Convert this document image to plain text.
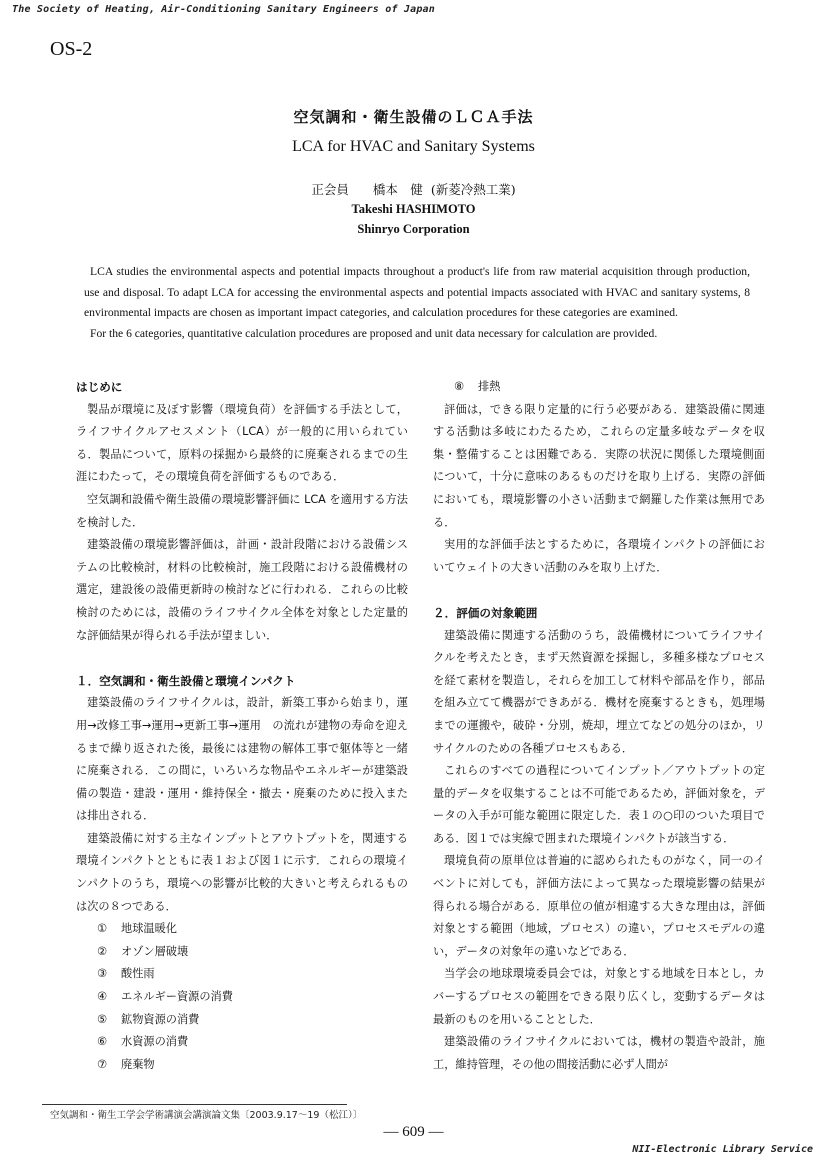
The Society of Heating, Air-Conditioning Sanitary Engineers of Japan
OS-2
空気調和・衛生設備のＬＣＡ手法
LCA for HVAC and Sanitary Systems
正会員 橋本　健 (新菱冷熱工業)
Takeshi HASHIMOTO
Shinryo Corporation

LCA studies the environmental aspects and potential impacts throughout a product's life from raw material acquisition through production, use and disposal. To adapt LCA for accessing the environmental aspects and potential impacts associated with HVAC and sanitary systems, 8 environmental impacts are chosen as important impact categories, and calculation procedures for these categories are examined.

For the 6 categories, quantitative calculation procedures are proposed and unit data necessary for calculation are provided.

はじめに

製品が環境に及ぼす影響（環境負荷）を評価する手法として，ライフサイクルアセスメント（LCA）が一般的に用いられている．製品について，原料の採掘から最終的に廃棄されるまでの生涯にわたって，その環境負荷を評価するものである．

空気調和設備や衛生設備の環境影響評価に LCA を適用する方法を検討した．

建築設備の環境影響評価は，計画・設計段階における設備システムの比較検討，材料の比較検討，施工段階における設備機材の選定，建設後の設備更新時の検討などに行われる．これらの比較検討のためには，設備のライフサイクル全体を対象とした定量的な評価結果が得られる手法が望ましい．

１．空気調和・衛生設備と環境インパクト

建築設備のライフサイクルは，設計，新築工事から始まり，運用→改修工事→運用→更新工事→運用　の流れが建物の寿命を迎えるまで繰り返された後，最後には建物の解体工事で躯体等と一緒に廃棄される．この間に，いろいろな物品やエネルギーが建築設備の製造・建設・運用・維持保全・撤去・廃棄のために投入または排出される．

建築設備に対する主なインプットとアウトプットを，関連する環境インパクトとともに表１および図１に示す．これらの環境インパクトのうち，環境への影響が比較的大きいと考えられるものは次の８つである．

① 地球温暖化
② オゾン層破壊
③ 酸性雨
④ エネルギー資源の消費
⑤ 鉱物資源の消費
⑥ 水資源の消費
⑦ 廃棄物
⑧ 排熱

評価は，できる限り定量的に行う必要がある．建築設備に関連する活動は多岐にわたるため，これらの定量多岐なデータを収集・整備することは困難である．実際の状況に関係した環境側面について，十分に意味のあるものだけを取り上げる．実際の評価においても，環境影響の小さい活動まで網羅した作業は無用である．

実用的な評価手法とするために，各環境インパクトの評価においてウェイトの大きい活動のみを取り上げた．

２．評価の対象範囲

建築設備に関連する活動のうち，設備機材についてライフサイクルを考えたとき，まず天然資源を採掘し，多種多様なプロセスを経て素材を製造し，それらを加工して材料や部品を作り，部品を組み立てて機器ができあがる．機材を廃棄するときも，処理場までの運搬や，破砕・分別，焼却，埋立てなどの処分のほか，リサイクルのための各種プロセスもある．

これらのすべての過程についてインプット／アウトプットの定量的データを収集することは不可能であるため，評価対象を，データの入手が可能な範囲に限定した．表１の○印のついた項目である．図１では実線で囲まれた環境インパクトが該当する．

環境負荷の原単位は普遍的に認められたものがなく，同一のイベントに対しても，評価方法によって異なった環境影響の結果が得られる場合がある．原単位の値が相違する大きな理由は，評価対象とする範囲（地域，プロセス）の違い，プロセスモデルの違い，データの対象年の違いなどである．

当学会の地球環境委員会では，対象とする地域を日本とし，カバーするプロセスの範囲をできる限り広くし，変動するデータは最新のものを用いることとした．

建築設備のライフサイクルにおいては，機材の製造や設計，施工，維持管理，その他の間接活動に必ず人間が

空気調和・衛生工学会学術講演会講演論文集〔2003.9.17～19（松江）〕
— 609 —
NII-Electronic Library Service
